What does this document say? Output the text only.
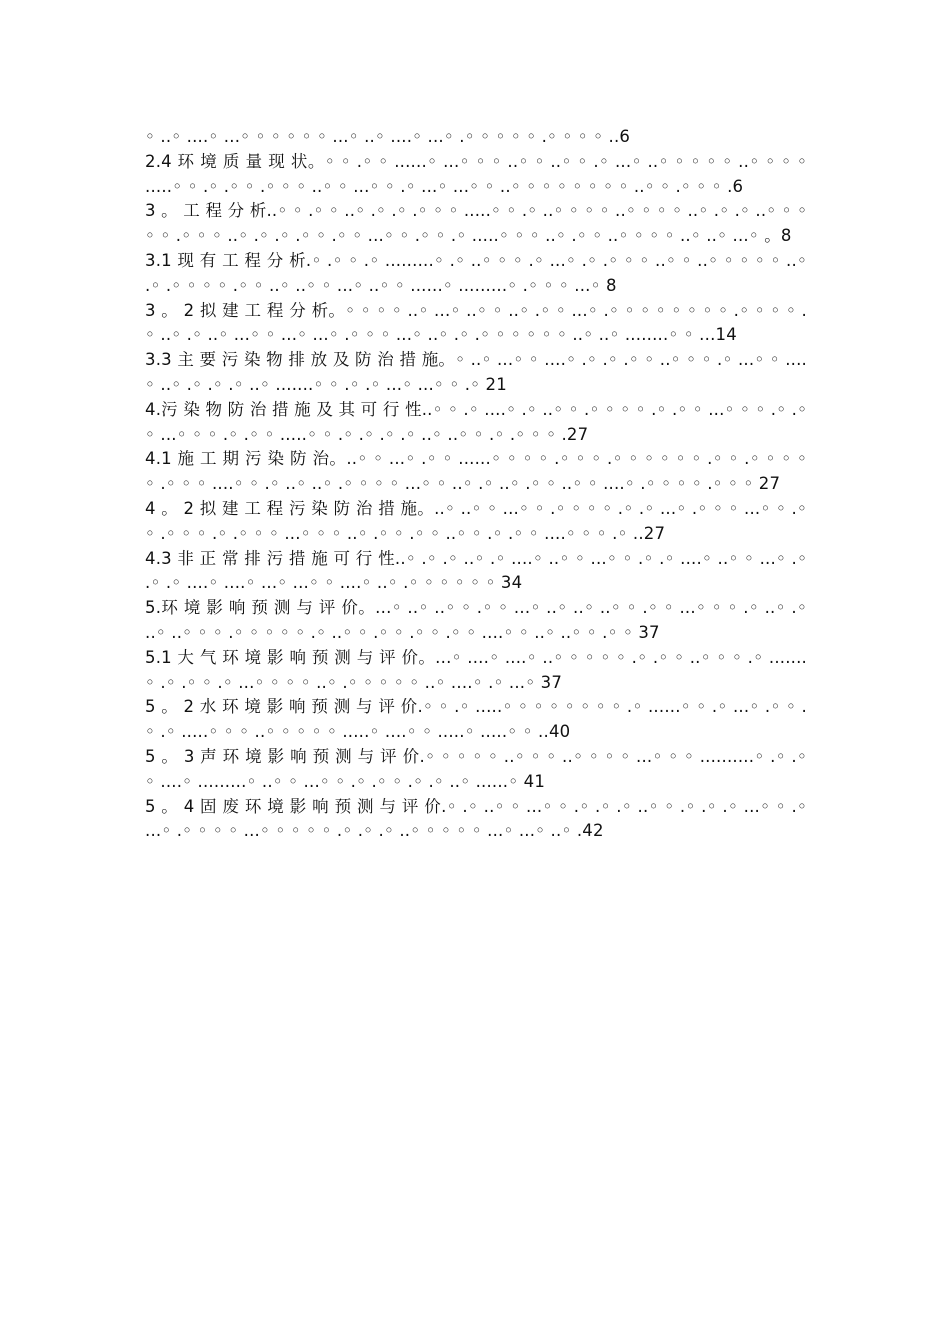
◦ ..◦ ....◦ ...◦ ◦ ◦ ◦ ◦ ◦ ...◦ ..◦ ....◦ ...◦ .◦ ◦ ◦ ◦ ◦ .◦ ◦ ◦ ◦ ..6

2.4 环 境 质 量 现 状。◦ ◦ .◦ ◦ ......◦ ...◦ ◦ ◦ ..◦ ◦ ..◦ ◦ .◦ ...◦ ..◦ ◦ ◦ ◦ ◦ ..◦ ◦ ◦ ◦ .....◦ ◦ .◦ .◦ ◦ .◦ ◦ ◦ ..◦ ◦ ...◦ ◦ .◦ ...◦ ...◦ ◦ ..◦ ◦ ◦ ◦ ◦ ◦ ◦ ◦ ..◦ ◦ .◦ ◦ ◦ .6

3 。 工 程 分 析..◦ ◦ .◦ ◦ ..◦ .◦ .◦ .◦ ◦ ◦ .....◦ ◦ .◦ ..◦ ◦ ◦ ◦ ..◦ ◦ ◦ ◦ ..◦ .◦ .◦ ..◦ ◦ ◦ ◦ ◦ .◦ ◦ ◦ ..◦ .◦ .◦ .◦ ◦ .◦ ◦ ...◦ ◦ .◦ ◦ .◦ .....◦ ◦ ◦ ..◦ .◦ ◦ ..◦ ◦ ◦ ◦ ..◦ ..◦ ...◦ 。8

3.1 现 有 工 程 分 析.◦ .◦ ◦ .◦ .........◦ .◦ ..◦ ◦ ◦ .◦ ...◦ .◦ .◦ ◦ ◦ ..◦ ◦ ..◦ ◦ ◦ ◦ ◦ ..◦ .◦ .◦ ◦ ◦ ◦ .◦ ◦ ..◦ ..◦ ◦ ...◦ ..◦ ◦ ......◦ .........◦ .◦ ◦ ◦ ...◦ 8

3 。 2 拟 建 工 程 分 析。◦ ◦ ◦ ◦ ..◦ ...◦ ..◦ ◦ ..◦ .◦ ◦ ...◦ .◦ ◦ ◦ ◦ ◦ ◦ ◦ ◦ .◦ ◦ ◦ ◦ .◦ ..◦ .◦ ..◦ ...◦ ◦ ...◦ ...◦ .◦ ◦ ◦ ...◦ ..◦ .◦ .◦ ◦ ◦ ◦ ◦ ◦ ..◦ ..◦ ........◦ ◦ ...14

3.3 主 要 污 染 物 排 放 及 防 治 措 施。◦ ..◦ ...◦ ◦ ....◦ .◦ .◦ .◦ ◦ ..◦ ◦ ◦ .◦ ...◦ ◦ ....◦ ..◦ .◦ .◦ .◦ ..◦ .......◦ ◦ .◦ .◦ ...◦ ...◦ ◦ .◦ 21

4.污 染 物 防 治 措 施 及 其 可 行 性..◦ ◦ .◦ ....◦ .◦ ..◦ ◦ .◦ ◦ ◦ ◦ .◦ .◦ ◦ ...◦ ◦ ◦ .◦ .◦ ◦ ...◦ ◦ ◦ .◦ .◦ ◦ .....◦ ◦ .◦ .◦ .◦ .◦ ..◦ ..◦ ◦ .◦ .◦ ◦ ◦ .27

4.1 施 工 期 污 染 防 治。..◦ ◦ ...◦ .◦ ◦ ......◦ ◦ ◦ ◦ .◦ ◦ ◦ .◦ ◦ ◦ ◦ ◦ ◦ .◦ ◦ .◦ ◦ ◦ ◦ ◦ .◦ ◦ ◦ ....◦ ◦ .◦ ..◦ ..◦ .◦ ◦ ◦ ◦ ...◦ ◦ ..◦ .◦ ..◦ .◦ ◦ ..◦ ◦ ....◦ .◦ ◦ ◦ ◦ .◦ ◦ ◦ 27

4 。 2 拟 建 工 程 污 染 防 治 措 施。..◦ ..◦ ◦ ...◦ ◦ .◦ ◦ ◦ ◦ .◦ .◦ ...◦ .◦ ◦ ◦ ...◦ ◦ .◦ ◦ .◦ ◦ ◦ .◦ .◦ ◦ ◦ ...◦ ◦ ◦ ..◦ .◦ ◦ .◦ ◦ ..◦ ◦ .◦ .◦ ◦ ....◦ ◦ ◦ .◦ ..27

4.3 非 正 常 排 污 措 施 可 行 性..◦ .◦ .◦ ..◦ .◦ ....◦ ..◦ ◦ ...◦ ◦ .◦ .◦ ....◦ ..◦ ◦ ...◦ .◦ .◦ .◦ ....◦ ....◦ ...◦ ...◦ ◦ ....◦ ..◦ .◦ ◦ ◦ ◦ ◦ ◦ 34

5.环 境 影 响 预 测 与 评 价。...◦ ..◦ ..◦ ◦ .◦ ◦ ...◦ ..◦ ..◦ ..◦ ◦ .◦ ◦ ...◦ ◦ ◦ .◦ ..◦ .◦ ..◦ ..◦ ◦ ◦ .◦ ◦ ◦ ◦ ◦ .◦ ..◦ ◦ .◦ ◦ .◦ ◦ .◦ ◦ ....◦ ◦ ..◦ ..◦ ◦ .◦ ◦ 37

5.1 大 气 环 境 影 响 预 测 与 评 价。...◦ ....◦ ....◦ ..◦ ◦ ◦ ◦ ◦ .◦ .◦ ◦ ..◦ ◦ ◦ .◦ .......◦ .◦ .◦ ◦ .◦ ...◦ ◦ ◦ ◦ ..◦ .◦ ◦ ◦ ◦ ◦ ..◦ ....◦ .◦ ...◦ 37

5 。 2 水 环 境 影 响 预 测 与 评 价.◦ ◦ .◦ .....◦ ◦ ◦ ◦ ◦ ◦ ◦ ◦ .◦ ......◦ ◦ .◦ ...◦ .◦ ◦ .◦ .◦ .....◦ ◦ ◦ ..◦ ◦ ◦ ◦ ◦ .....◦ ....◦ ◦ .....◦ .....◦ ◦ ..40

5 。 3 声 环 境 影 响 预 测 与 评 价.◦ ◦ ◦ ◦ ◦ ..◦ ◦ ◦ ..◦ ◦ ◦ ◦ ...◦ ◦ ◦ ..........◦ .◦ .◦ ◦ ....◦ .........◦ ..◦ ◦ ...◦ ◦ .◦ .◦ ◦ .◦ .◦ ..◦ ......◦ 41

5 。 4 固 废 环 境 影 响 预 测 与 评 价.◦ .◦ ..◦ ◦ ...◦ ◦ .◦ .◦ .◦ ..◦ ◦ .◦ .◦ .◦ ...◦ ◦ .◦ ...◦ .◦ ◦ ◦ ◦ ...◦ ◦ ◦ ◦ ◦ .◦ .◦ .◦ ..◦ ◦ ◦ ◦ ◦ ...◦ ...◦ ..◦ .42
